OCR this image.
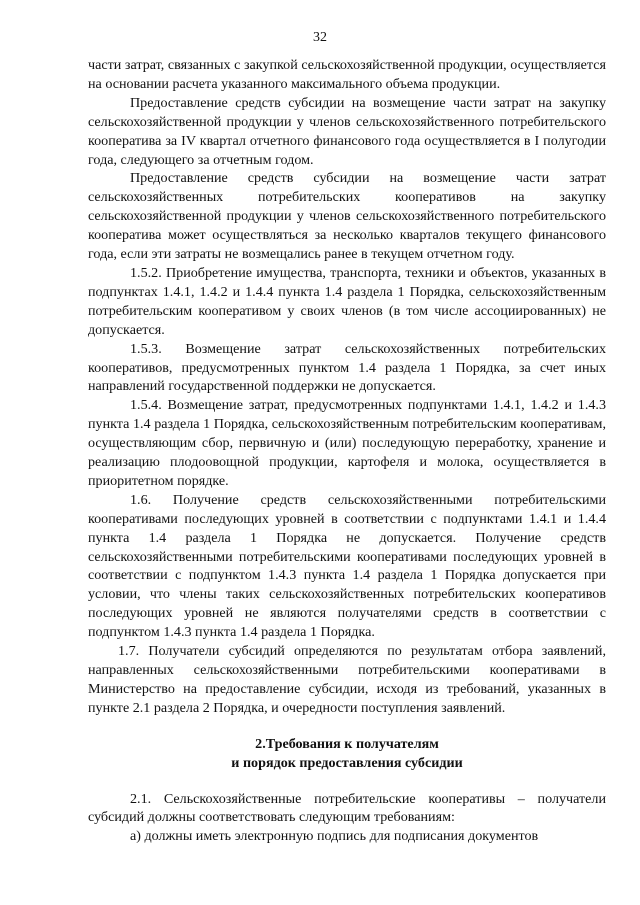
32

части затрат, связанных с закупкой сельскохозяйственной продукции, осуществляется на основании расчета указанного максимального объема продукции.

Предоставление средств субсидии на возмещение части затрат на закупку сельскохозяйственной продукции у членов сельскохозяйственного потребительского кооператива за IV квартал отчетного финансового года осуществляется в I полугодии года, следующего за отчетным годом.

Предоставление средств субсидии на возмещение части затрат сельскохозяйственных потребительских кооперативов на закупку сельскохозяйственной продукции у членов сельскохозяйственного потребительского кооператива может осуществляться за несколько кварталов текущего финансового года, если эти затраты не возмещались ранее в текущем отчетном году.

1.5.2. Приобретение имущества, транспорта, техники и объектов, указанных в подпунктах 1.4.1, 1.4.2 и 1.4.4 пункта 1.4 раздела 1 Порядка, сельскохозяйственным потребительским кооперативом у своих членов (в том числе ассоциированных) не допускается.

1.5.3. Возмещение затрат сельскохозяйственных потребительских кооперативов, предусмотренных пунктом 1.4 раздела 1 Порядка, за счет иных направлений государственной поддержки не допускается.

1.5.4. Возмещение затрат, предусмотренных подпунктами 1.4.1, 1.4.2 и 1.4.3 пункта 1.4 раздела 1 Порядка, сельскохозяйственным потребительским кооперативам, осуществляющим сбор, первичную и (или) последующую переработку, хранение и реализацию плодоовощной продукции, картофеля и молока, осуществляется в приоритетном порядке.

1.6. Получение средств сельскохозяйственными потребительскими кооперативами последующих уровней в соответствии с подпунктами 1.4.1 и 1.4.4 пункта 1.4 раздела 1 Порядка не допускается. Получение средств сельскохозяйственными потребительскими кооперативами последующих уровней в соответствии с подпунктом 1.4.3 пункта 1.4 раздела 1 Порядка допускается при условии, что члены таких сельскохозяйственных потребительских кооперативов последующих уровней не являются получателями средств в соответствии с подпунктом 1.4.3 пункта 1.4 раздела 1 Порядка.

1.7. Получатели субсидий определяются по результатам отбора заявлений, направленных сельскохозяйственными потребительскими кооперативами в Министерство на предоставление субсидии, исходя из требований, указанных в пункте 2.1 раздела 2 Порядка, и очередности поступления заявлений.

2.Требования к получателям
и порядок предоставления субсидии

2.1. Сельскохозяйственные потребительские кооперативы – получатели субсидий должны соответствовать следующим требованиям:

а) должны иметь электронную подпись для подписания документов
